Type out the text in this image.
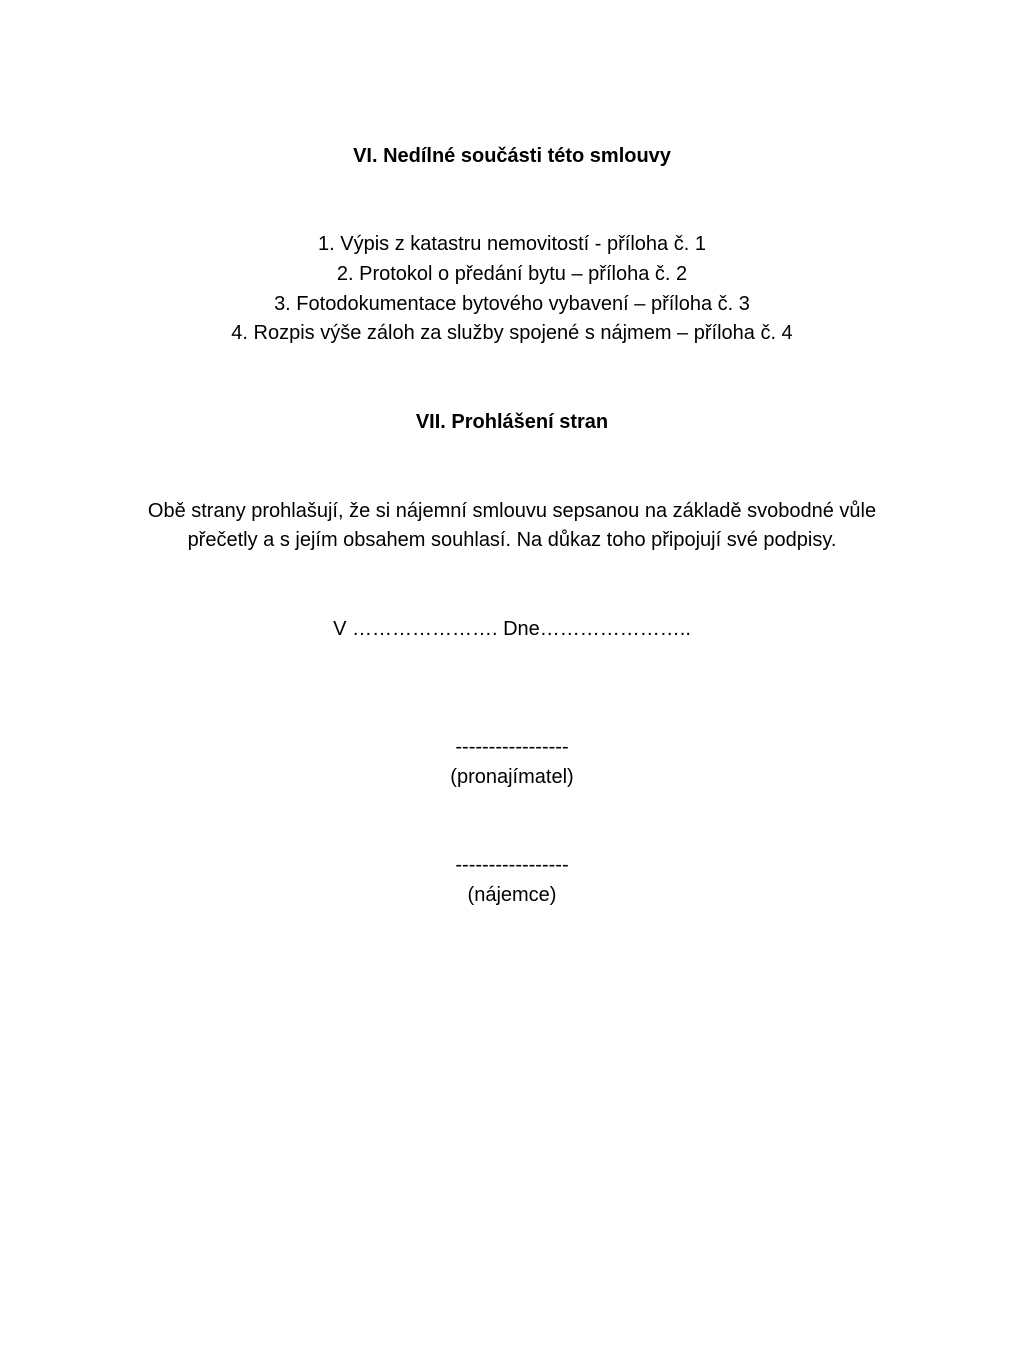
VI. Nedílné součásti této smlouvy
1. Výpis z katastru nemovitostí - příloha č. 1
2. Protokol o předání bytu – příloha č. 2
3. Fotodokumentace bytového vybavení – příloha č. 3
4. Rozpis výše záloh za služby spojené s nájmem – příloha č. 4
VII. Prohlášení stran
Obě strany prohlašují, že si nájemní smlouvu sepsanou na základě svobodné vůle
přečetly a s jejím obsahem souhlasí. Na důkaz toho připojují své podpisy.
V …………………. Dne…………………..
-----------------
(pronajímatel)
-----------------
(nájemce)
